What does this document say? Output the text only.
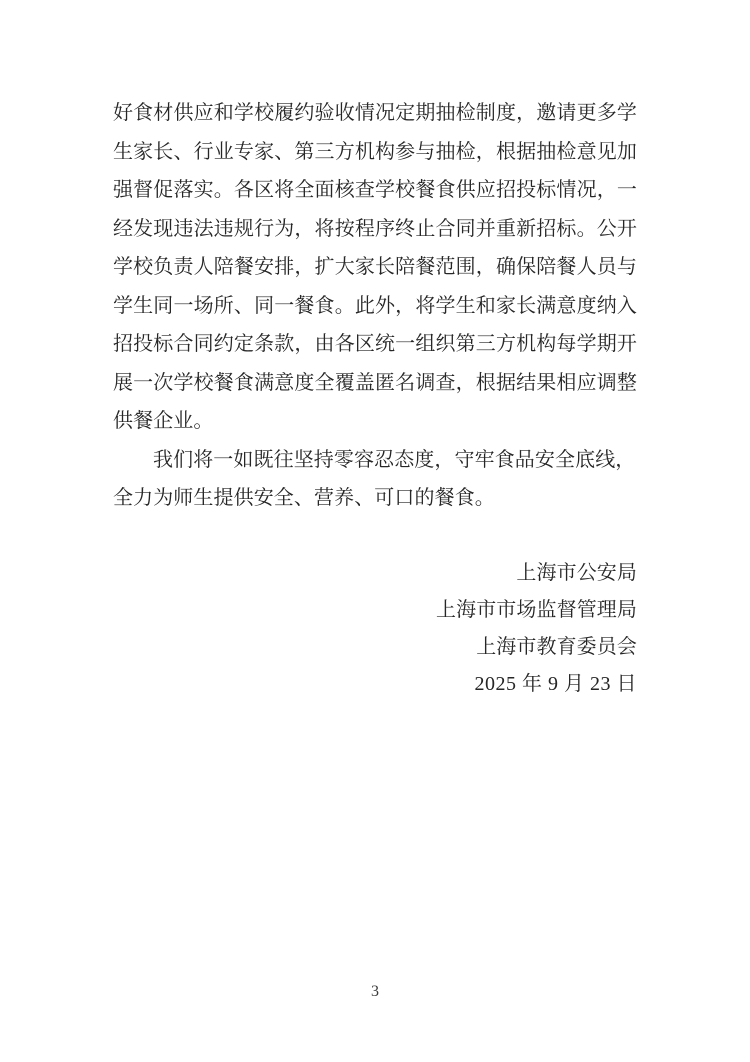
好食材供应和学校履约验收情况定期抽检制度，邀请更多学
生家长、行业专家、第三方机构参与抽检，根据抽检意见加
强督促落实。各区将全面核查学校餐食供应招投标情况，一
经发现违法违规行为，将按程序终止合同并重新招标。公开
学校负责人陪餐安排，扩大家长陪餐范围，确保陪餐人员与
学生同一场所、同一餐食。此外，将学生和家长满意度纳入
招投标合同约定条款，由各区统一组织第三方机构每学期开
展一次学校餐食满意度全覆盖匿名调查，根据结果相应调整
供餐企业。
我们将一如既往坚持零容忍态度，守牢食品安全底线，
全力为师生提供安全、营养、可口的餐食。
上海市公安局
上海市市场监督管理局
上海市教育委员会
2025 年 9 月 23 日
3
